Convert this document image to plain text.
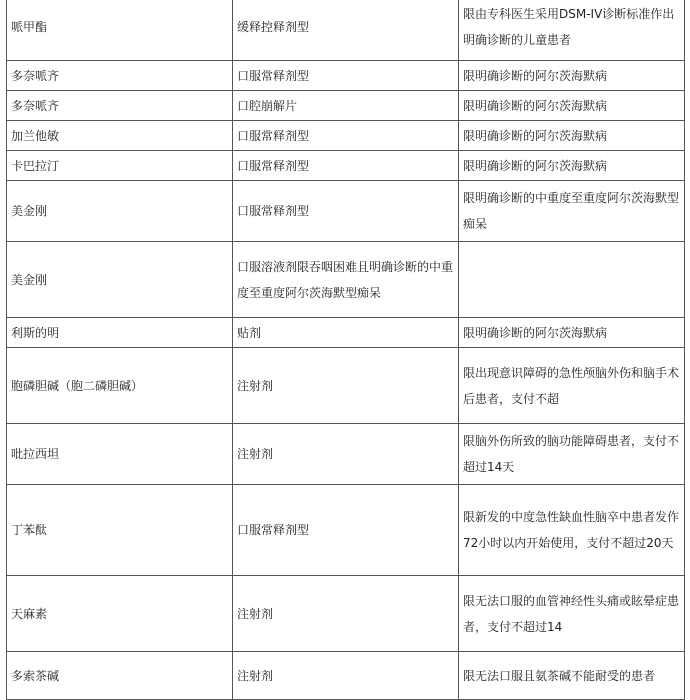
哌甲酯	缓释控释剂型	限由专科医生采用DSM-IV诊断标准作出明确诊断的儿童患者
多奈哌齐	口服常释剂型	限明确诊断的阿尔茨海默病
多奈哌齐	口腔崩解片	限明确诊断的阿尔茨海默病
加兰他敏	口服常释剂型	限明确诊断的阿尔茨海默病
卡巴拉汀	口服常释剂型	限明确诊断的阿尔茨海默病
美金刚	口服常释剂型	限明确诊断的中重度至重度阿尔茨海默型痴呆
美金刚	口服溶液剂限吞咽困难且明确诊断的中重度至重度阿尔茨海默型痴呆	
利斯的明	贴剂	限明确诊断的阿尔茨海默病
胞磷胆碱（胞二磷胆碱）	注射剂	限出现意识障碍的急性颅脑外伤和脑手术后患者，支付不超
吡拉西坦	注射剂	限脑外伤所致的脑功能障碍患者，支付不超过14天
丁苯酞	口服常释剂型	限新发的中度急性缺血性脑卒中患者发作72小时以内开始使用，支付不超过20天
天麻素	注射剂	限无法口服的血管神经性头痛或眩晕症患者，支付不超过14
多索茶碱	注射剂	限无法口服且氨茶碱不能耐受的患者
